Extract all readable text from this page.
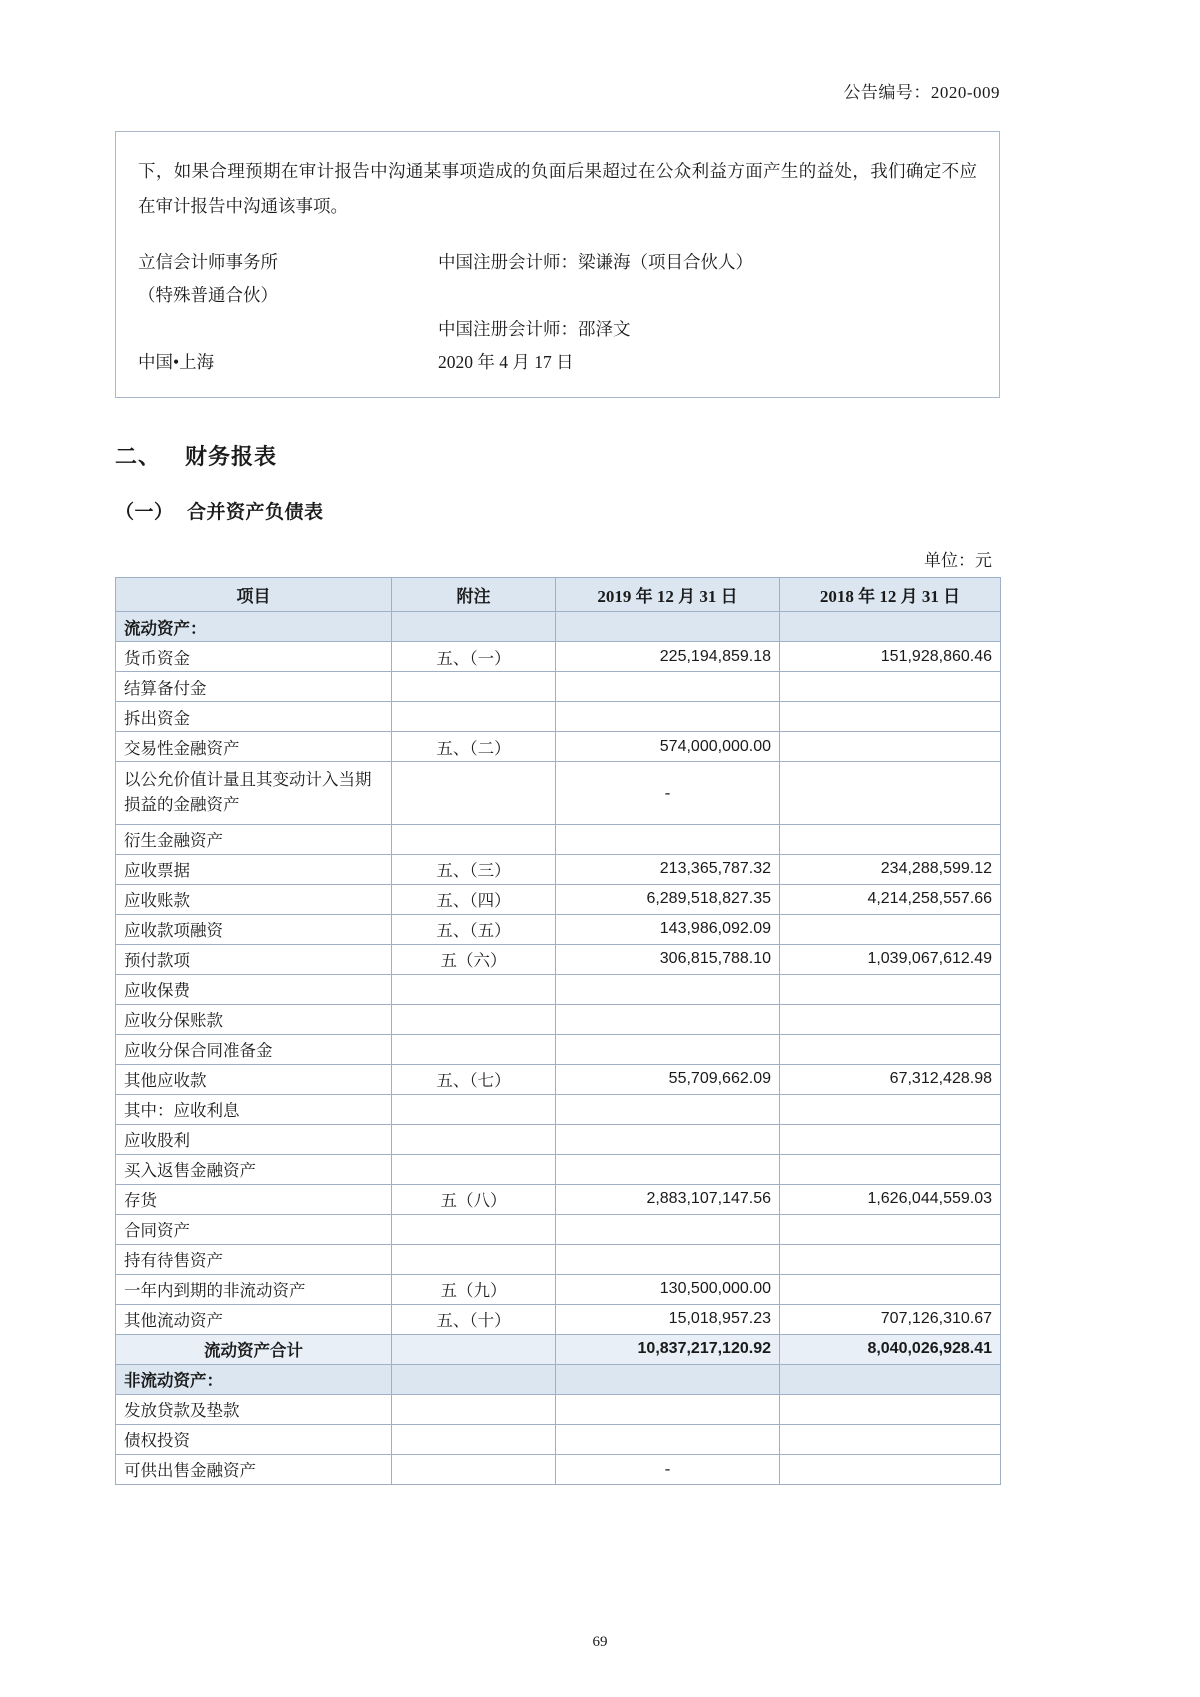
公告编号：2020-009
下，如果合理预期在审计报告中沟通某事项造成的负面后果超过在公众利益方面产生的益处，我们确定不应在审计报告中沟通该事项。
立信会计师事务所	中国注册会计师：梁谦海（项目合伙人）
（特殊普通合伙）
中国注册会计师：邵泽文
中国•上海	2020 年 4 月 17 日
二、 财务报表
（一） 合并资产负债表
单位：元
项目	附注	2019 年 12 月 31 日	2018 年 12 月 31 日
流动资产：			
货币资金	五、（一）	225,194,859.18	151,928,860.46
结算备付金			
拆出资金			
交易性金融资产	五、（二）	574,000,000.00	
以公允价值计量且其变动计入当期损益的金融资产		-	
衍生金融资产			
应收票据	五、（三）	213,365,787.32	234,288,599.12
应收账款	五、（四）	6,289,518,827.35	4,214,258,557.66
应收款项融资	五、（五）	143,986,092.09	
预付款项	五（六）	306,815,788.10	1,039,067,612.49
应收保费			
应收分保账款			
应收分保合同准备金			
其他应收款	五、（七）	55,709,662.09	67,312,428.98
其中：应收利息			
应收股利			
买入返售金融资产			
存货	五（八）	2,883,107,147.56	1,626,044,559.03
合同资产			
持有待售资产			
一年内到期的非流动资产	五（九）	130,500,000.00	
其他流动资产	五、（十）	15,018,957.23	707,126,310.67
流动资产合计		10,837,217,120.92	8,040,026,928.41
非流动资产：			
发放贷款及垫款			
债权投资			
可供出售金融资产		-	
69
